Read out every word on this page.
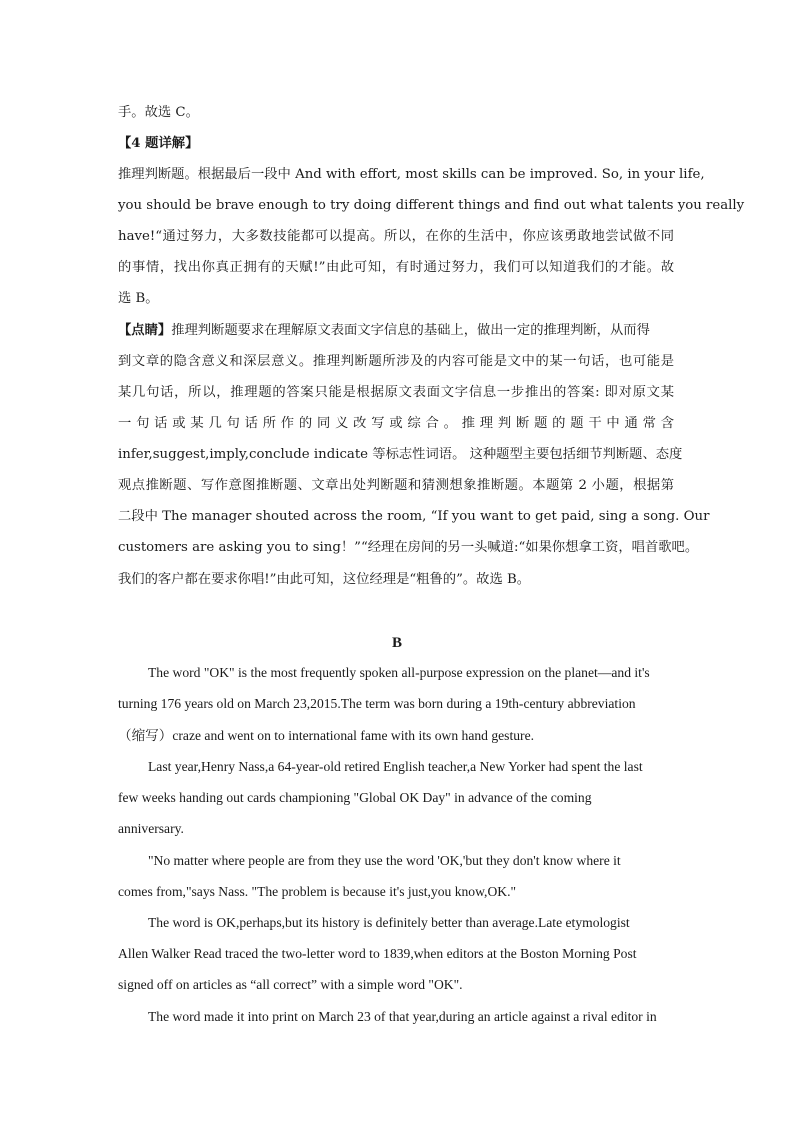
手。故选 C。
【4 题详解】
推理判断题。根据最后一段中 And with effort, most skills can be improved. So, in your life,
you should be brave enough to try doing different things and find out what talents you really
have!“通过努力，大多数技能都可以提高。所以，在你的生活中，你应该勇敢地尝试做不同
的事情，找出你真正拥有的天赋!”由此可知，有时通过努力，我们可以知道我们的才能。故
选 B。
【点睛】推理判断题要求在理解原文表面文字信息的基础上，做出一定的推理判断，从而得
到文章的隐含意义和深层意义。推理判断题所涉及的内容可能是文中的某一句话，也可能是
某几句话，所以，推理题的答案只能是根据原文表面文字信息一步推出的答案: 即对原文某
一句话或某几句话所作的同义改写或综合。推理判断题的题干中通常含
infer,suggest,imply,conclude indicate 等标志性词语。 这种题型主要包括细节判断题、态度
观点推断题、写作意图推断题、文章出处判断题和猜测想象推断题。本题第 2 小题，根据第
二段中 The manager shouted across the room, “If you want to get paid, sing a song. Our
customers are asking you to sing！”“经理在房间的另一头喊道:“如果你想拿工资，唱首歌吧。
我们的客户都在要求你唱!”由此可知，这位经理是“粗鲁的”。故选 B。
B
The word "OK" is the most frequently spoken all-purpose expression on the planet—and it's
turning 176 years old on March 23,2015.The term was born during a 19th-century abbreviation
（缩写）craze and went on to international fame with its own hand gesture.
Last year,Henry Nass,a 64-year-old retired English teacher,a New Yorker had spent the last
few weeks handing out cards championing "Global OK Day" in advance of the coming
anniversary.
"No matter where people are from they use the word 'OK,'but they don't know where it
comes from,"says Nass. "The problem is because it's just,you know,OK."
The word is OK,perhaps,but its history is definitely better than average.Late etymologist
Allen Walker Read traced the two-letter word to 1839,when editors at the Boston Morning Post
signed off on articles as “all correct” with a simple word "OK".
The word made it into print on March 23 of that year,during an article against a rival editor in
